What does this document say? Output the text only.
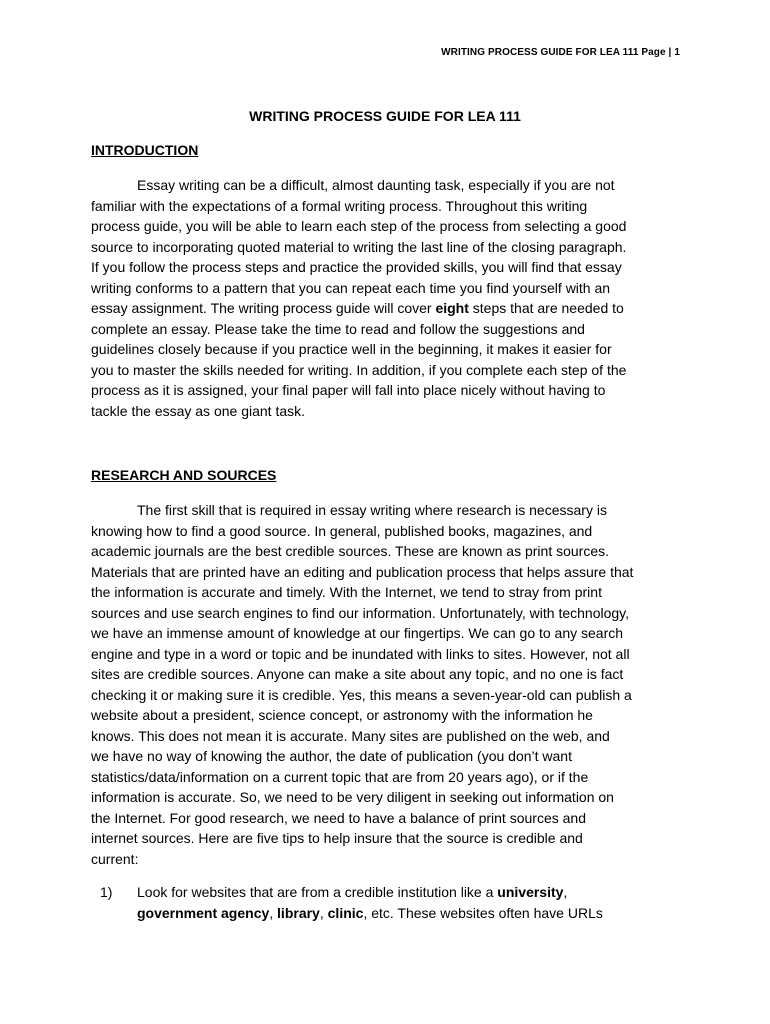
WRITING PROCESS GUIDE FOR LEA 111 Page | 1
WRITING PROCESS GUIDE FOR LEA 111
INTRODUCTION
Essay writing can be a difficult, almost daunting task, especially if you are not
familiar with the expectations of a formal writing process. Throughout this writing
process guide, you will be able to learn each step of the process from selecting a good
source to incorporating quoted material to writing the last line of the closing paragraph.
If you follow the process steps and practice the provided skills, you will find that essay
writing conforms to a pattern that you can repeat each time you find yourself with an
essay assignment. The writing process guide will cover eight steps that are needed to
complete an essay. Please take the time to read and follow the suggestions and
guidelines closely because if you practice well in the beginning, it makes it easier for
you to master the skills needed for writing. In addition, if you complete each step of the
process as it is assigned, your final paper will fall into place nicely without having to
tackle the essay as one giant task.
RESEARCH AND SOURCES
The first skill that is required in essay writing where research is necessary is
knowing how to find a good source. In general, published books, magazines, and
academic journals are the best credible sources. These are known as print sources.
Materials that are printed have an editing and publication process that helps assure that
the information is accurate and timely. With the Internet, we tend to stray from print
sources and use search engines to find our information. Unfortunately, with technology,
we have an immense amount of knowledge at our fingertips. We can go to any search
engine and type in a word or topic and be inundated with links to sites. However, not all
sites are credible sources. Anyone can make a site about any topic, and no one is fact
checking it or making sure it is credible. Yes, this means a seven-year-old can publish a
website about a president, science concept, or astronomy with the information he
knows. This does not mean it is accurate. Many sites are published on the web, and
we have no way of knowing the author, the date of publication (you don’t want
statistics/data/information on a current topic that are from 20 years ago), or if the
information is accurate. So, we need to be very diligent in seeking out information on
the Internet. For good research, we need to have a balance of print sources and
internet sources. Here are five tips to help insure that the source is credible and
current:
1)	Look for websites that are from a credible institution like a university,
government agency, library, clinic, etc. These websites often have URLs
